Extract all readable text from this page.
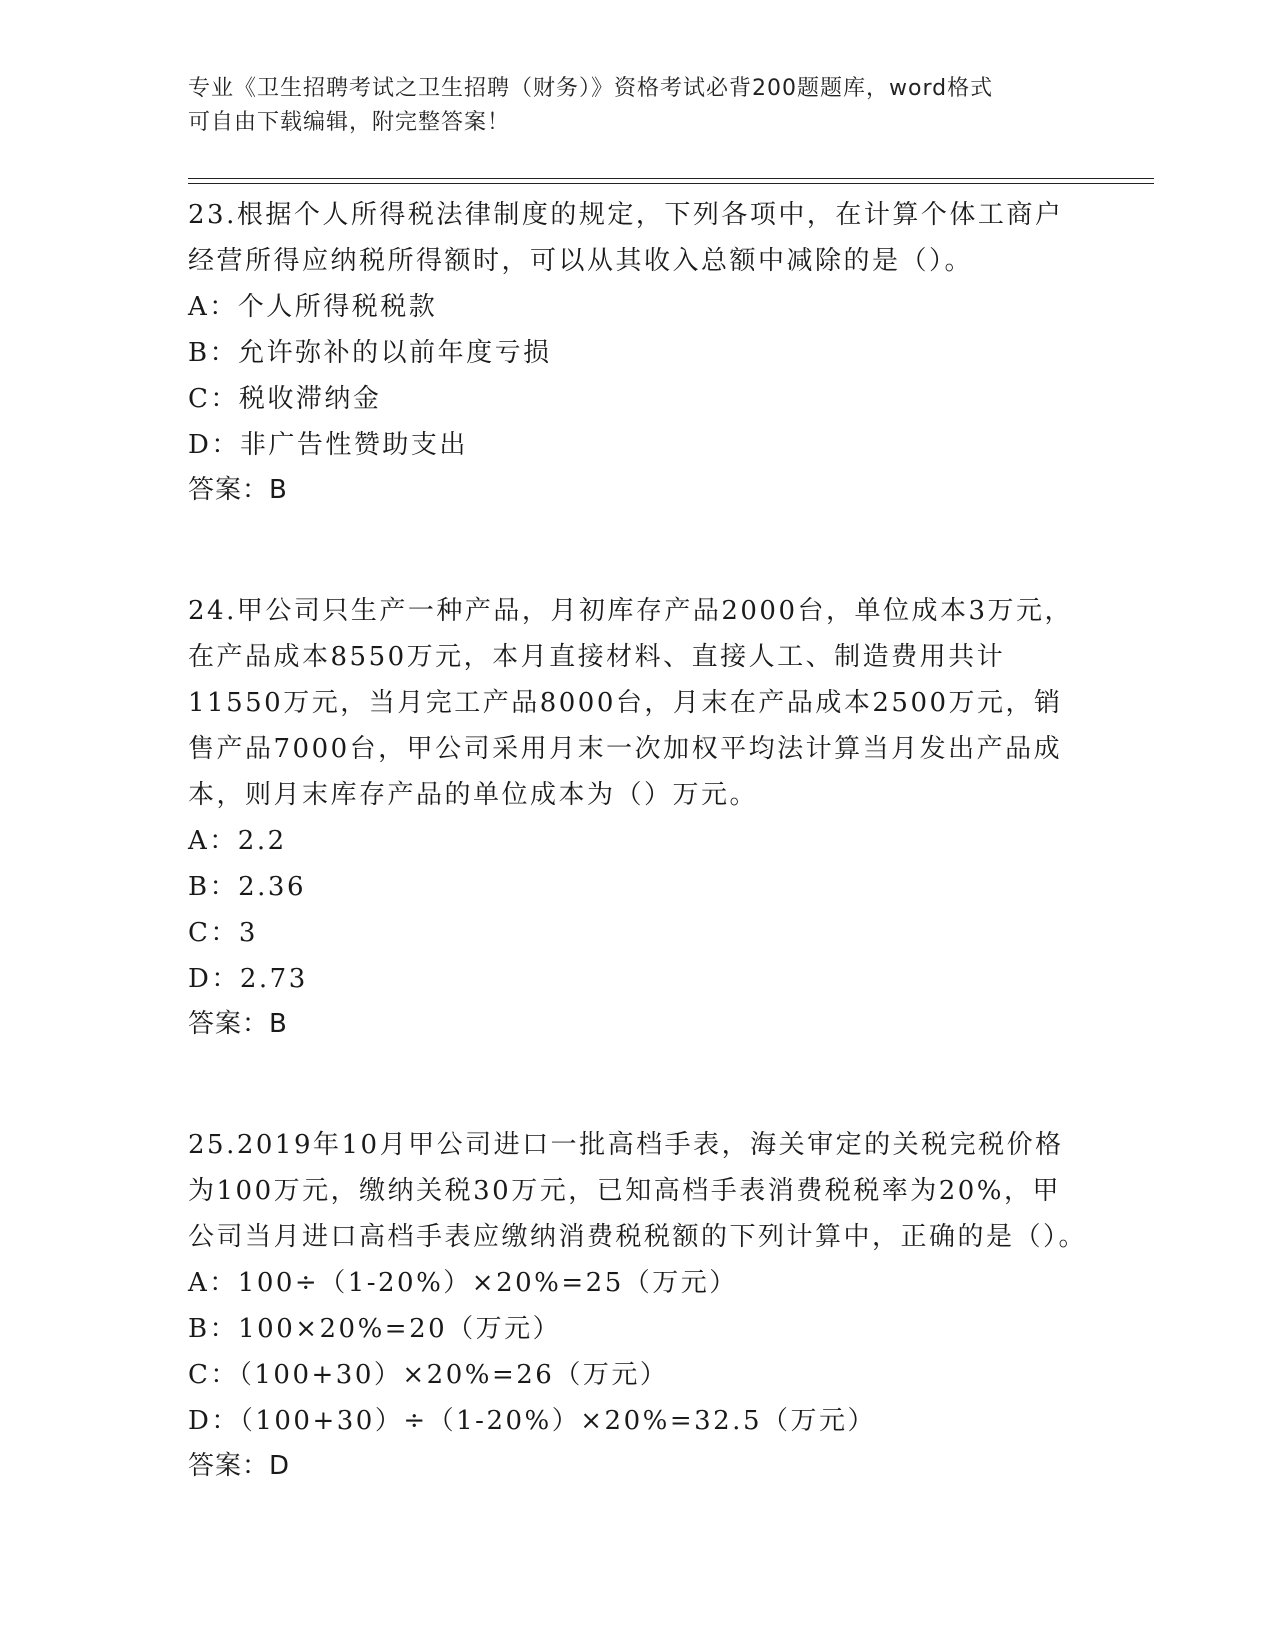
专业《卫生招聘考试之卫生招聘（财务）》资格考试必背200题题库，word格式
可自由下载编辑，附完整答案！

23.根据个人所得税法律制度的规定，下列各项中，在计算个体工商户经营所得应纳税所得额时，可以从其收入总额中减除的是（）。

A：个人所得税税款

B：允许弥补的以前年度亏损

C：税收滞纳金

D：非广告性赞助支出

答案：B

24.甲公司只生产一种产品，月初库存产品2000台，单位成本3万元，在产品成本8550万元，本月直接材料、直接人工、制造费用共计11550万元，当月完工产品8000台，月末在产品成本2500万元，销售产品7000台，甲公司采用月末一次加权平均法计算当月发出产品成本，则月末库存产品的单位成本为（）万元。

A：2.2

B：2.36

C：3

D：2.73

答案：B

25.2019年10月甲公司进口一批高档手表，海关审定的关税完税价格为100万元，缴纳关税30万元，已知高档手表消费税税率为20%，甲公司当月进口高档手表应缴纳消费税税额的下列计算中，正确的是（）。

A：100÷（1-20%）×20%=25（万元）

B：100×20%=20（万元）

C：（100+30）×20%=26（万元）

D：（100+30）÷（1-20%）×20%=32.5（万元）

答案：D
